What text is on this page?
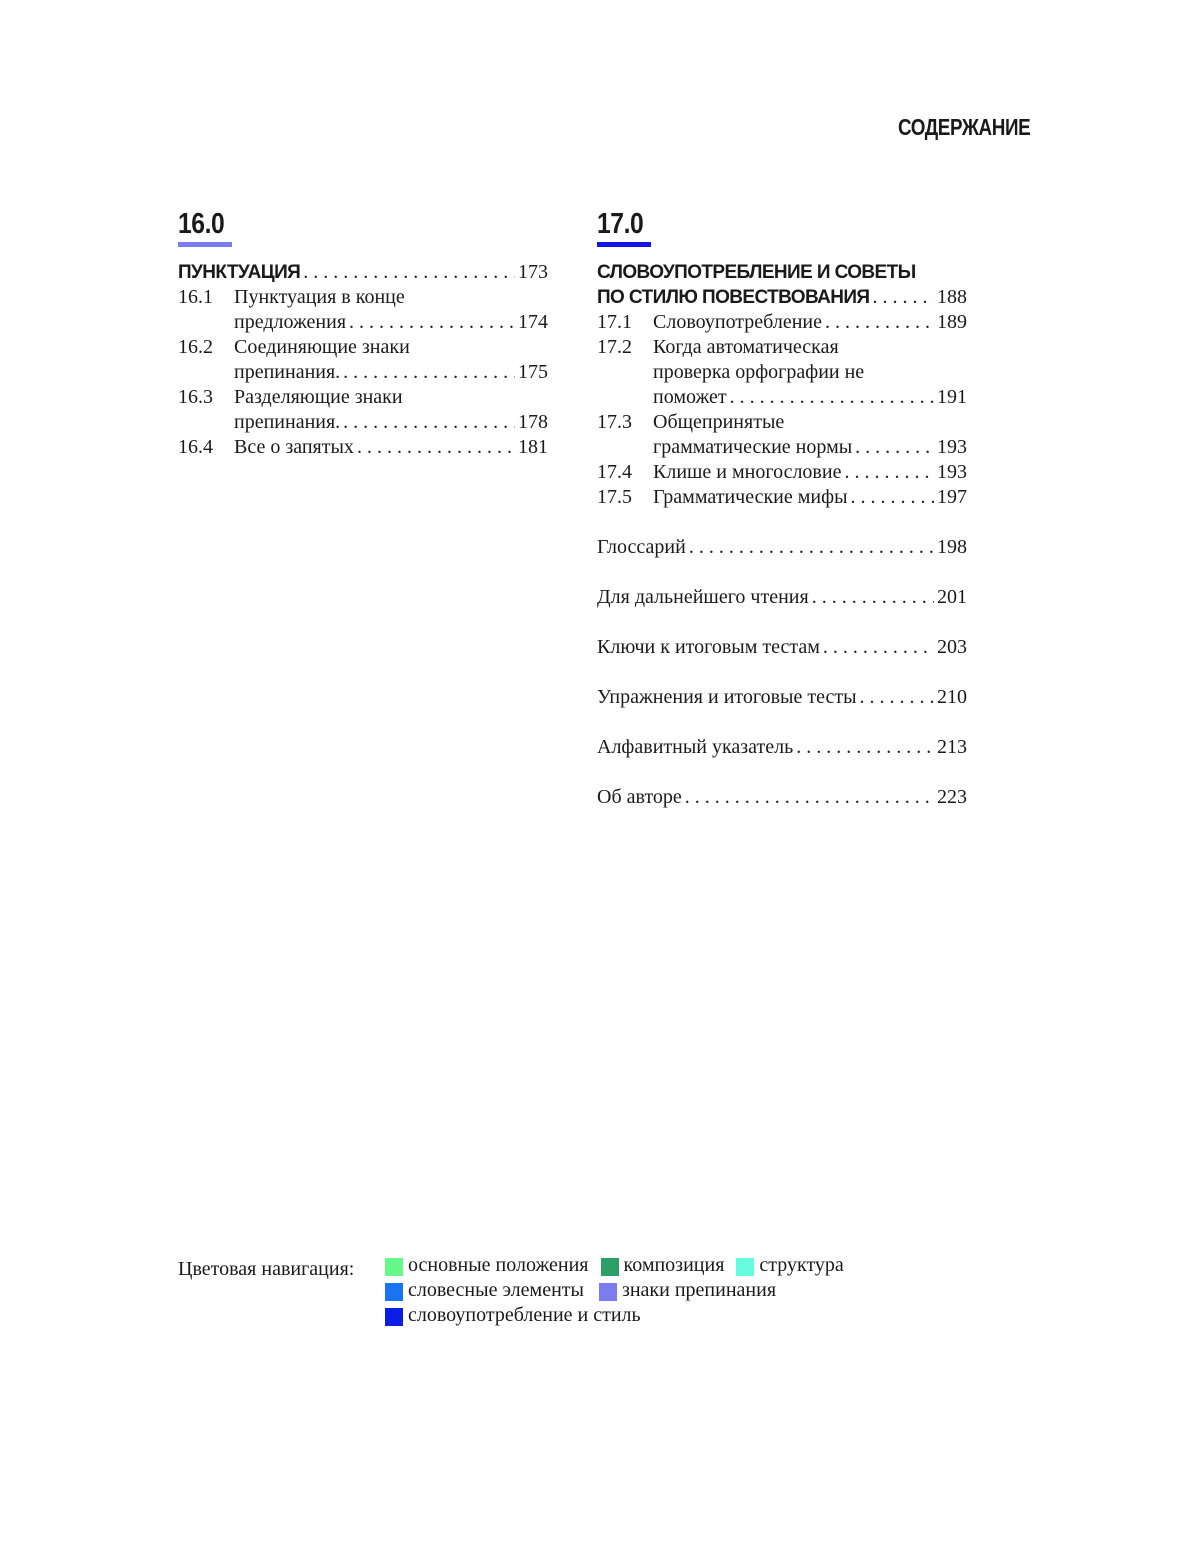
СОДЕРЖАНИЕ
16.0
ПУНКТУАЦИЯ . . .	173
16.1	Пунктуация в конце
предложения . . .	174
16.2	Соединяющие знаки
препинания. . . .	175
16.3	Разделяющие знаки
препинания. . . .	178
16.4	Все о запятых . . .	181
17.0
СЛОВОУПОТРЕБЛЕНИЕ И СОВЕТЫ
ПО СТИЛЮ ПОВЕСТВОВАНИЯ . . .	188
17.1	Словоупотребление . . .	189
17.2	Когда автоматическая
проверка орфографии не
поможет . . .	191
17.3	Общепринятые
грамматические нормы . . .	193
17.4	Клише и многословие . . .	193
17.5	Грамматические мифы . . .	197
Глоссарий . . .	198
Для дальнейшего чтения . . .	201
Ключи к итоговым тестам . . .	203
Упражнения и итоговые тесты . . .	210
Алфавитный указатель . . .	213
Об авторе . . .	223
Цветовая навигация:	основные положения композиция структура
словесные элементы знаки препинания
словоупотребление и стиль
